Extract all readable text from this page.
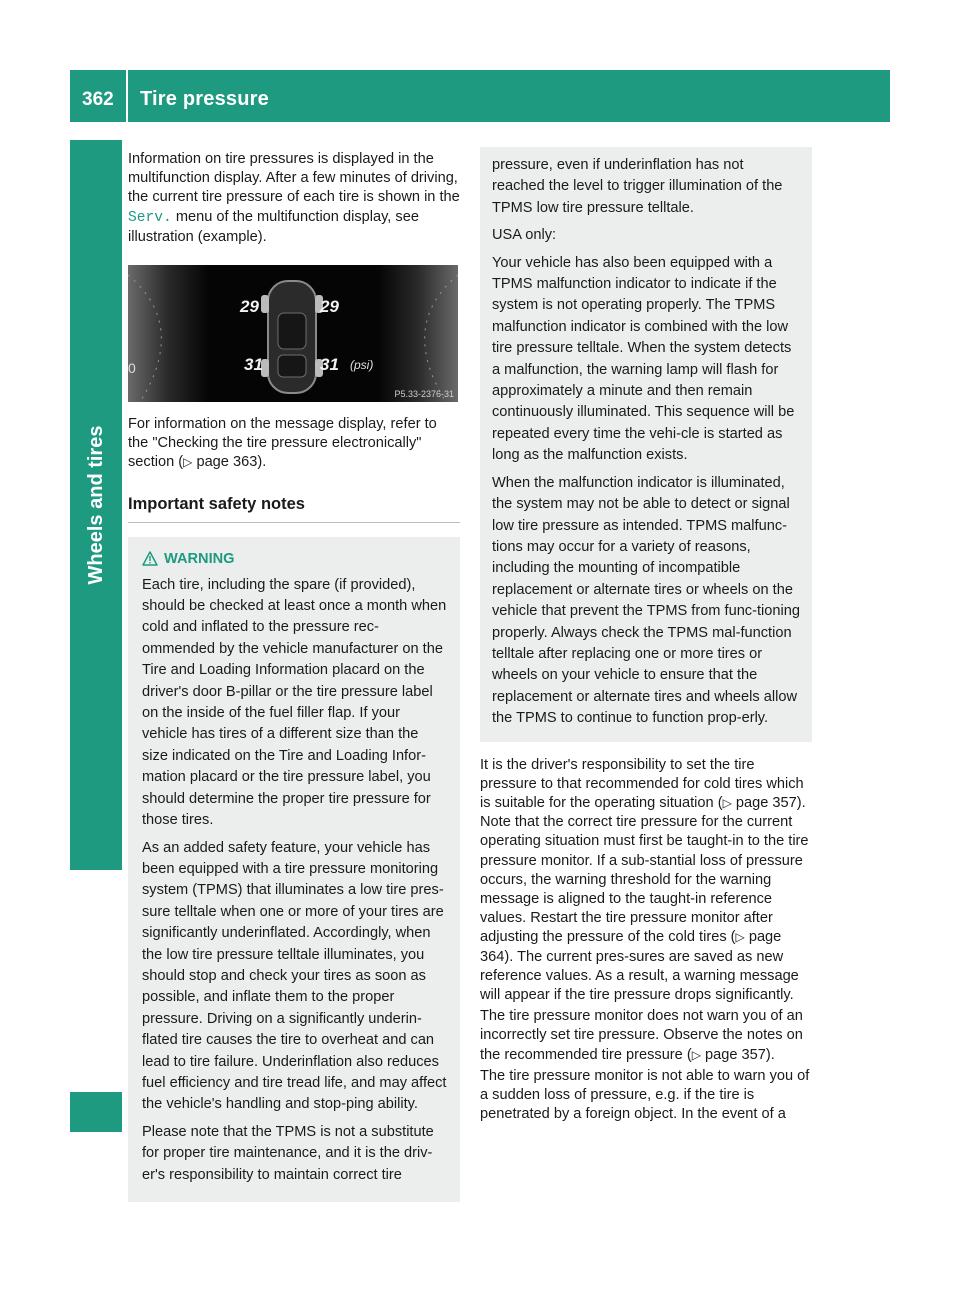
362 Tire pressure
Wheels and tires

Information on tire pressures is displayed in the multifunction display. After a few minutes of driving, the current tire pressure of each tire is shown in the Serv. menu of the multifunction display, see illustration (example).

0
29	29
31	31 (psi)
P5.33-2376-31

For information on the message display, refer to the "Checking the tire pressure electronically" section (▷ page 363).

Important safety notes
WARNING

Each tire, including the spare (if provided), should be checked at least once a month when cold and inflated to the pressure rec-ommended by the vehicle manufacturer on the Tire and Loading Information placard on the driver's door B-pillar or the tire pressure label on the inside of the fuel filler flap. If your vehicle has tires of a different size than the size indicated on the Tire and Loading Infor-mation placard or the tire pressure label, you should determine the proper tire pressure for those tires.

As an added safety feature, your vehicle has been equipped with a tire pressure monitoring system (TPMS) that illuminates a low tire pres-sure telltale when one or more of your tires are significantly underinflated. Accordingly, when the low tire pressure telltale illuminates, you should stop and check your tires as soon as possible, and inflate them to the proper pressure. Driving on a significantly underin-flated tire causes the tire to overheat and can lead to tire failure. Underinflation also reduces fuel efficiency and tire tread life, and may affect the vehicle's handling and stop-ping ability.

Please note that the TPMS is not a substitute for proper tire maintenance, and it is the driv-er's responsibility to maintain correct tire

pressure, even if underinflation has not reached the level to trigger illumination of the TPMS low tire pressure telltale.

USA only:

Your vehicle has also been equipped with a TPMS malfunction indicator to indicate if the system is not operating properly. The TPMS malfunction indicator is combined with the low tire pressure telltale. When the system detects a malfunction, the warning lamp will flash for approximately a minute and then remain continuously illuminated. This sequence will be repeated every time the vehi-cle is started as long as the malfunction exists.

When the malfunction indicator is illuminated, the system may not be able to detect or signal low tire pressure as intended. TPMS malfunc-tions may occur for a variety of reasons, including the mounting of incompatible replacement or alternate tires or wheels on the vehicle that prevent the TPMS from func-tioning properly. Always check the TPMS mal-function telltale after replacing one or more tires or wheels on your vehicle to ensure that the replacement or alternate tires and wheels allow the TPMS to continue to function prop-erly.

It is the driver's responsibility to set the tire pressure to that recommended for cold tires which is suitable for the operating situation (▷ page 357). Note that the correct tire pressure for the current operating situation must first be taught-in to the tire pressure monitor. If a sub-stantial loss of pressure occurs, the warning threshold for the warning message is aligned to the taught-in reference values. Restart the tire pressure monitor after adjusting the pressure of the cold tires (▷ page 364). The current pres-sures are saved as new reference values. As a result, a warning message will appear if the tire pressure drops significantly.

The tire pressure monitor does not warn you of an incorrectly set tire pressure. Observe the notes on the recommended tire pressure (▷ page 357).

The tire pressure monitor is not able to warn you of a sudden loss of pressure, e.g. if the tire is penetrated by a foreign object. In the event of a
